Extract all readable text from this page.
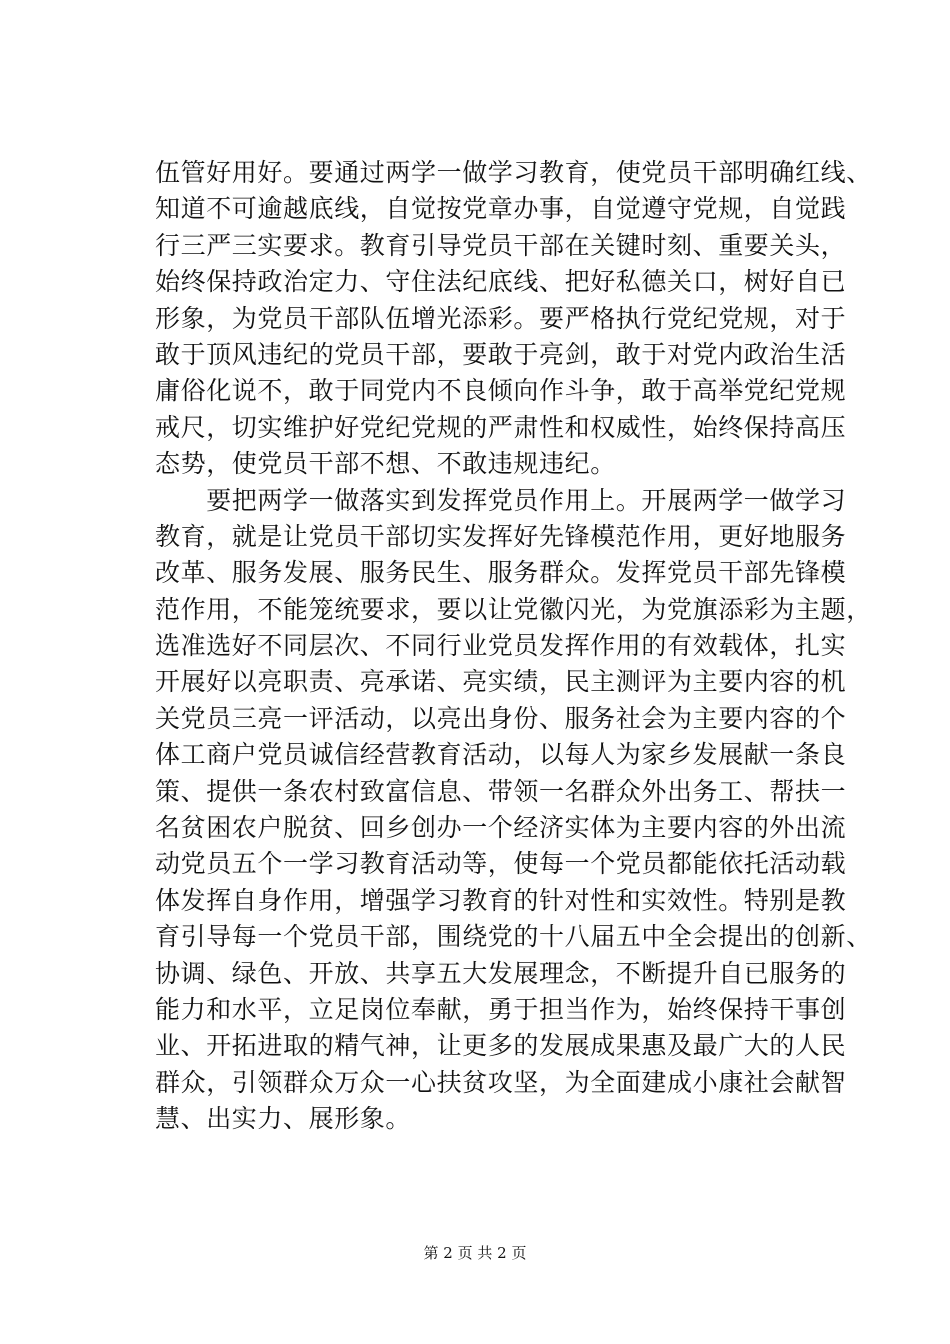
伍管好用好。要通过两学一做学习教育，使党员干部明确红线、
知道不可逾越底线，自觉按党章办事，自觉遵守党规，自觉践
行三严三实要求。教育引导党员干部在关键时刻、重要关头，
始终保持政治定力、守住法纪底线、把好私德关口，树好自已
形象，为党员干部队伍增光添彩。要严格执行党纪党规，对于
敢于顶风违纪的党员干部，要敢于亮剑，敢于对党内政治生活
庸俗化说不，敢于同党内不良倾向作斗争，敢于高举党纪党规
戒尺，切实维护好党纪党规的严肃性和权威性，始终保持高压
态势，使党员干部不想、不敢违规违纪。
　　要把两学一做落实到发挥党员作用上。开展两学一做学习
教育，就是让党员干部切实发挥好先锋模范作用，更好地服务
改革、服务发展、服务民生、服务群众。发挥党员干部先锋模
范作用，不能笼统要求，要以让党徽闪光，为党旗添彩为主题，
选准选好不同层次、不同行业党员发挥作用的有效载体，扎实
开展好以亮职责、亮承诺、亮实绩，民主测评为主要内容的机
关党员三亮一评活动，以亮出身份、服务社会为主要内容的个
体工商户党员诚信经营教育活动，以每人为家乡发展献一条良
策、提供一条农村致富信息、带领一名群众外出务工、帮扶一
名贫困农户脱贫、回乡创办一个经济实体为主要内容的外出流
动党员五个一学习教育活动等，使每一个党员都能依托活动载
体发挥自身作用，增强学习教育的针对性和实效性。特别是教
育引导每一个党员干部，围绕党的十八届五中全会提出的创新、
协调、绿色、开放、共享五大发展理念，不断提升自已服务的
能力和水平，立足岗位奉献，勇于担当作为，始终保持干事创
业、开拓进取的精气神，让更多的发展成果惠及最广大的人民
群众，引领群众万众一心扶贫攻坚，为全面建成小康社会献智
慧、出实力、展形象。
第 2 页 共 2 页
